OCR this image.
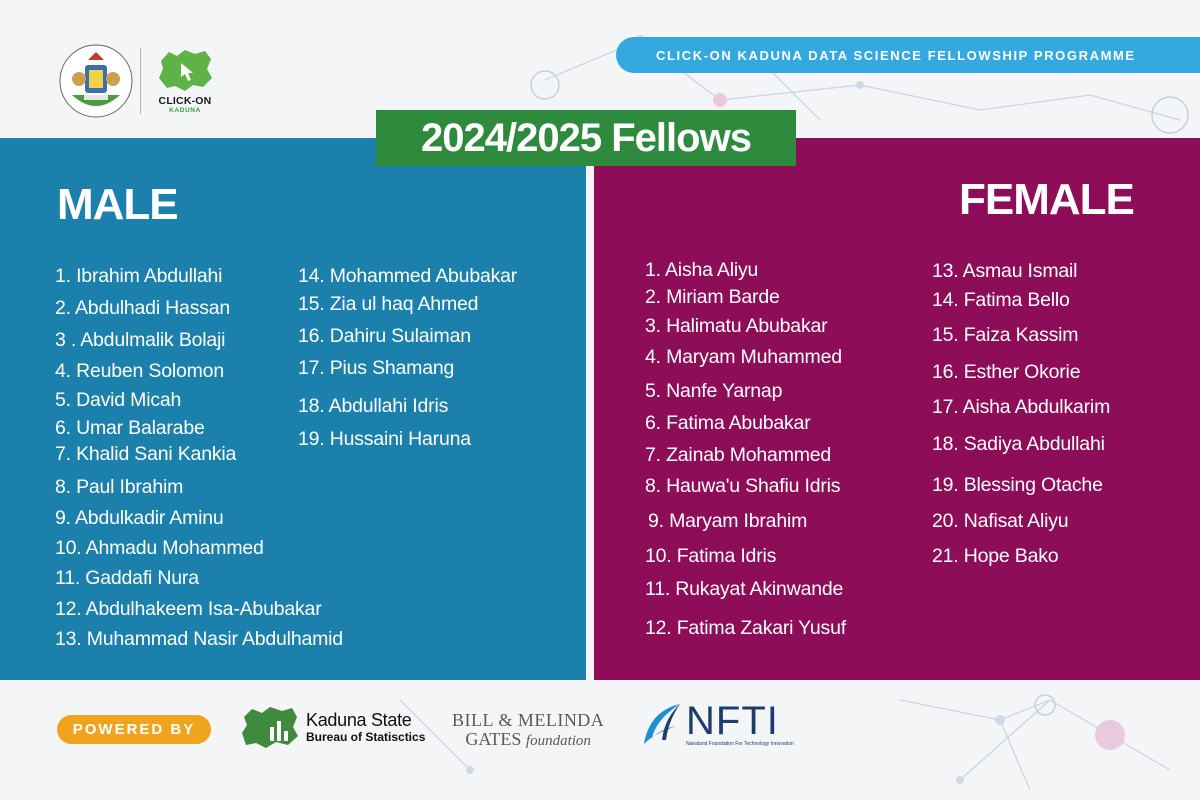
CLICK-ON
KADUNA
CLICK-ON KADUNA DATA SCIENCE FELLOWSHIP PROGRAMME
2024/2025 Fellows
MALE	FEMALE
1. Ibrahim Abdullahi
2. Abdulhadi Hassan
3 . Abdulmalik Bolaji
4. Reuben Solomon
5. David Micah
6. Umar Balarabe
7. Khalid Sani Kankia
8. Paul Ibrahim
9. Abdulkadir Aminu
10. Ahmadu Mohammed
11. Gaddafi Nura
12. Abdulhakeem Isa-Abubakar
13. Muhammad Nasir Abdulhamid
14. Mohammed Abubakar
15. Zia ul haq Ahmed
16. Dahiru Sulaiman
17. Pius Shamang
18. Abdullahi Idris
19. Hussaini Haruna
1. Aisha Aliyu
2. Miriam Barde
3. Halimatu Abubakar
4. Maryam Muhammed
5. Nanfe Yarnap
6. Fatima Abubakar
7. Zainab Mohammed
8. Hauwa'u Shafiu Idris
9. Maryam Ibrahim
10. Fatima Idris
11. Rukayat Akinwande
12. Fatima Zakari Yusuf
13. Asmau Ismail
14. Fatima Bello
15. Faiza Kassim
16. Esther Okorie
17. Aisha Abdulkarim
18. Sadiya Abdullahi
19. Blessing Otache
20. Nafisat Aliyu
21. Hope Bako
POWERED BY	Kaduna State
Bureau of Statisctics
BILL & MELINDA
GATES foundation	NFTI
Nairaland Foundation For Technology Innovation
